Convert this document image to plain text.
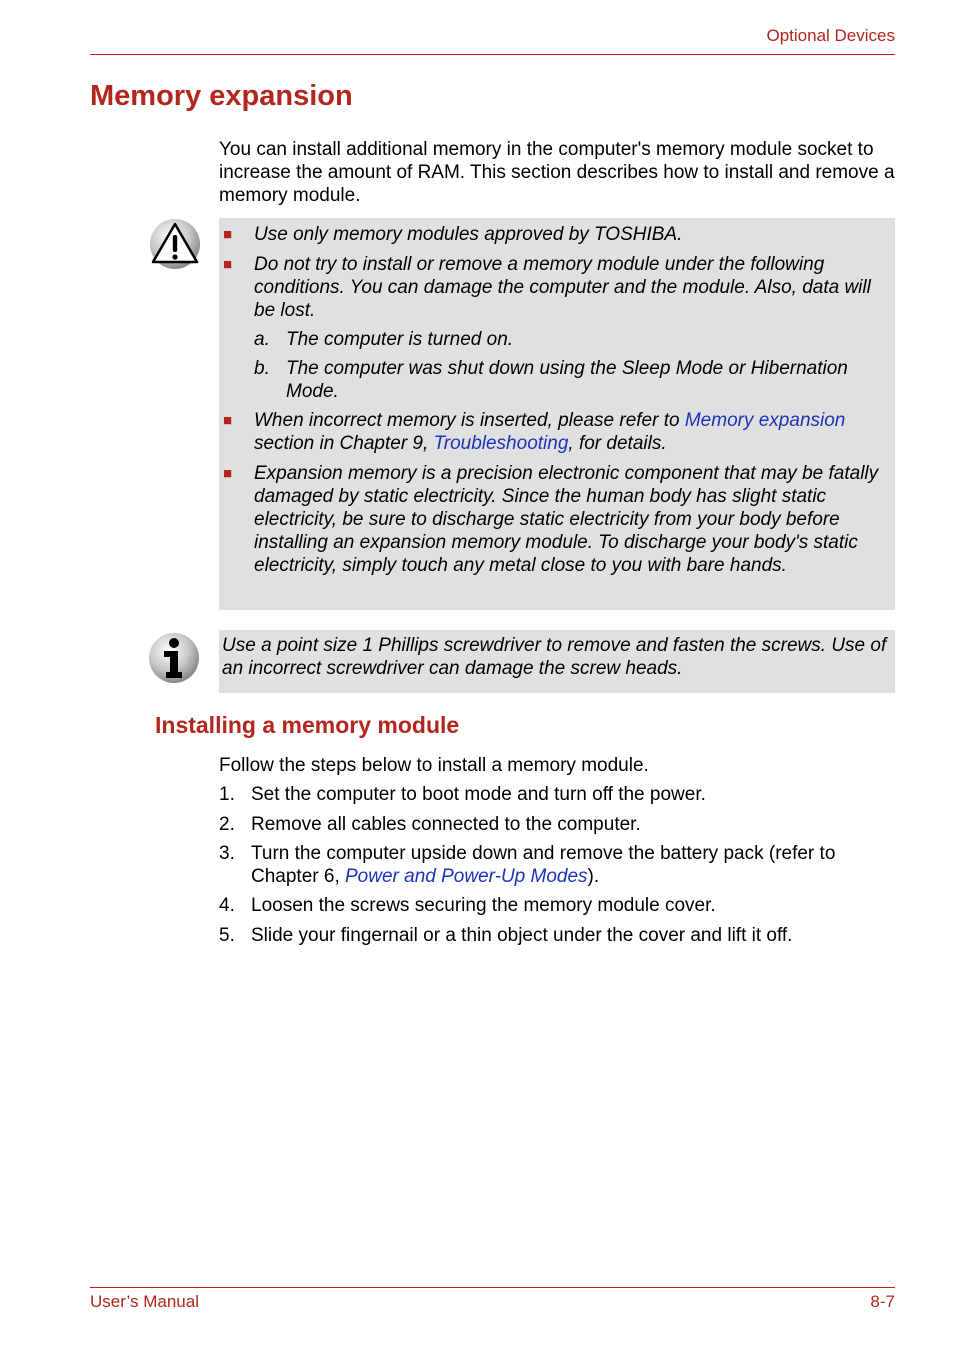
Optional Devices
Memory expansion

You can install additional memory in the computer's memory module socket to increase the amount of RAM. This section describes how to install and remove a memory module.

■ Use only memory modules approved by TOSHIBA.

■ Do not try to install or remove a memory module under the following conditions. You can damage the computer and the module. Also, data will be lost.

a. The computer is turned on.

b. The computer was shut down using the Sleep Mode or Hibernation Mode.

■ When incorrect memory is inserted, please refer to Memory expansion section in Chapter 9, Troubleshooting, for details.

■ Expansion memory is a precision electronic component that may be fatally damaged by static electricity. Since the human body has slight static electricity, be sure to discharge static electricity from your body before installing an expansion memory module. To discharge your body's static electricity, simply touch any metal close to you with bare hands.

Use a point size 1 Phillips screwdriver to remove and fasten the screws. Use of an incorrect screwdriver can damage the screw heads.

Installing a memory module

Follow the steps below to install a memory module.

1. Set the computer to boot mode and turn off the power.

2. Remove all cables connected to the computer.

3. Turn the computer upside down and remove the battery pack (refer to Chapter 6, Power and Power-Up Modes).

4. Loosen the screws securing the memory module cover.

5. Slide your fingernail or a thin object under the cover and lift it off.

User’s Manual	8-7
